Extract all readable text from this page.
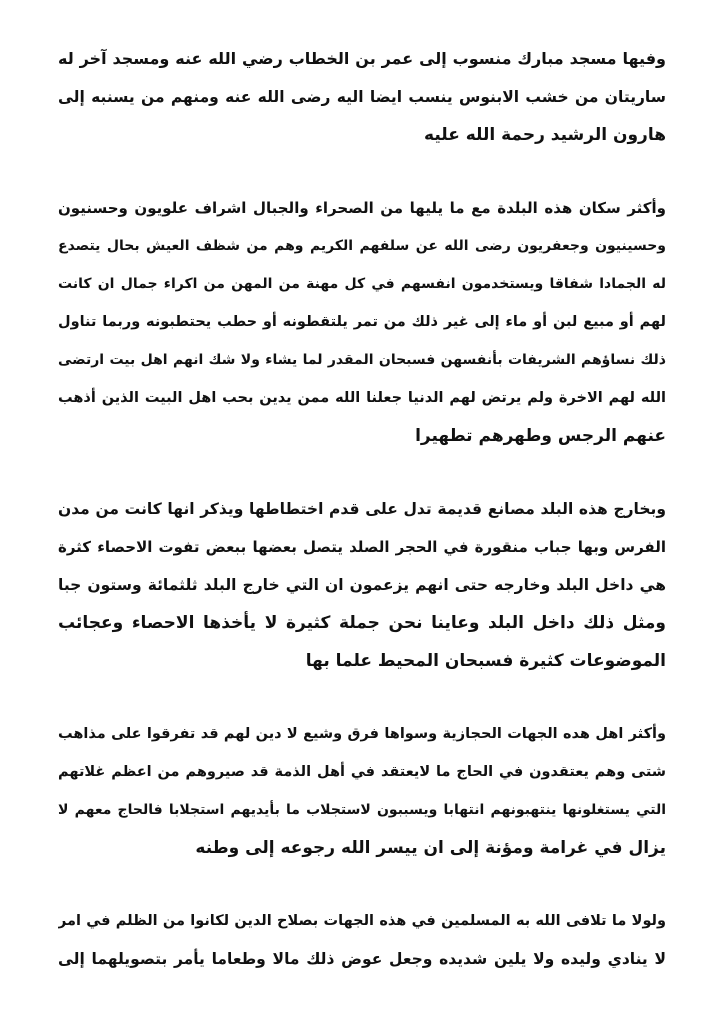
وفيها مسجد مبارك منسوب إلى عمر بن الخطاب رضي الله عنه ومسجد آخر له
ساريتان من خشب الابنوس ينسب ايضا اليه رضى الله عنه ومنهم من يسنبه إلى
هارون الرشيد رحمة الله عليه
وأكثر سكان هذه البلدة مع ما يليها من الصحراء والجبال اشراف علويون وحسنيون
وحسينيون وجعفريون رضى الله عن سلفهم الكريم وهم من شظف العيش بحال يتصدع
له الجمادا شفاقا ويستخدمون انفسهم في كل مهنة من المهن من اكراء جمال ان كانت
لهم أو مبيع لبن أو ماء إلى غير ذلك من تمر يلتقطونه أو حطب يحتطبونه وربما تناول
ذلك نساؤهم الشريفات بأنفسهن فسبحان المقدر لما يشاء ولا شك انهم اهل بيت ارتضى
الله لهم الاخرة ولم يرتض لهم الدنيا جعلنا الله ممن يدين بحب اهل البيت الذين أذهب
عنهم الرجس وطهرهم تطهيرا
وبخارج هذه البلد مصانع قديمة تدل على قدم اختطاطها ويذكر انها كانت من مدن
الفرس وبها جباب منقورة في الحجر الصلد يتصل بعضها ببعض تفوت الاحصاء كثرة
هي داخل البلد وخارجه حتى انهم يزعمون ان التي خارج البلد ثلثمائة وستون جبا
ومثل ذلك داخل البلد وعاينا نحن جملة كثيرة لا يأخذها الاحصاء وعجائب
الموضوعات كثيرة فسبحان المحيط علما بها
وأكثر اهل هده الجهات الحجازية وسواها فرق وشيع لا دين لهم قد تفرقوا على مذاهب
شتى وهم يعتقدون في الحاج ما لايعتقد في أهل الذمة قد صيروهم من اعظم غلاتهم
التي يستغلونها ينتهبونهم انتهابا ويسببون لاستجلاب ما بأيديهم استجلابا فالحاج معهم لا
يزال في غرامة ومؤنة إلى ان ييسر الله رجوعه إلى وطنه
ولولا ما تلافى الله به المسلمين في هذه الجهات بصلاح الدين لكانوا من الظلم في امر
لا ينادي وليده ولا يلين شديده وجعل عوض ذلك مالا وطعاما يأمر بتصويلهما إلى
